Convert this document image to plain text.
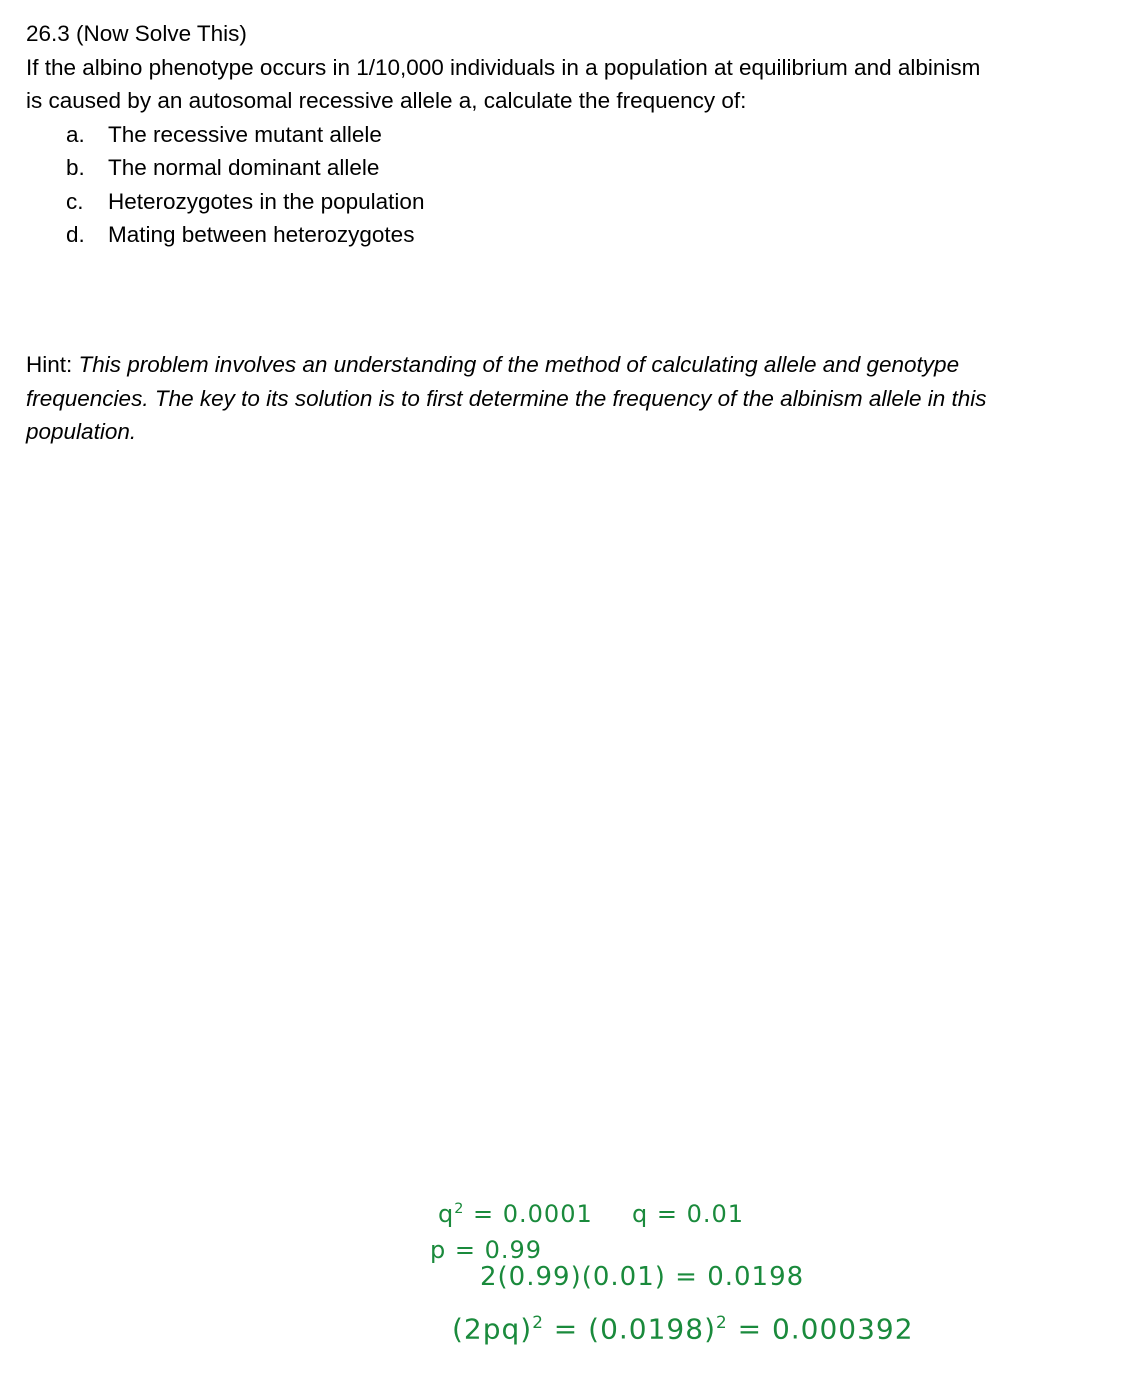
26.3 (Now Solve This)
If the albino phenotype occurs in 1/10,000 individuals in a population at equilibrium and albinism
is caused by an autosomal recessive allele a, calculate the frequency of:
a.	The recessive mutant allele
b.	The normal dominant allele
c.	Heterozygotes in the population
d.	Mating between heterozygotes
Hint: This problem involves an understanding of the method of calculating allele and genotype frequencies. The key to its solution is to first determine the frequency of the albinism allele in this population.
$q^2 = 0.0001$ q = 0.01
p = 0.99
2(0.99)(0.01) = 0.0198
$(2pq)^2 = (0.0198)^2 = 0.000392$
